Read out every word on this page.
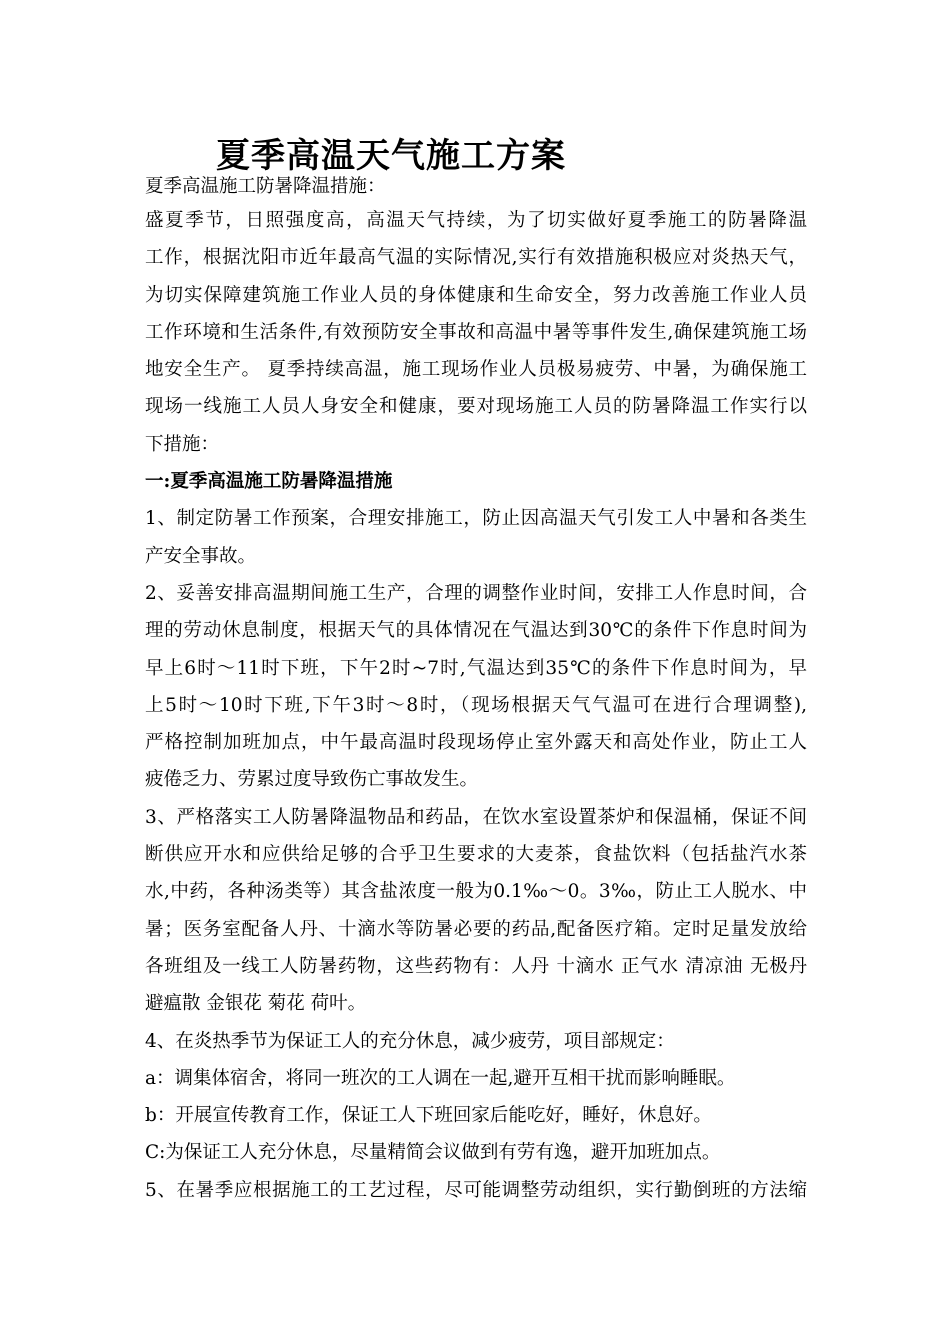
夏季高温天气施工方案
夏季高温施工防暑降温措施：
盛夏季节，日照强度高，高温天气持续，为了切实做好夏季施工的防暑降温
工作，根据沈阳市近年最高气温的实际情况,实行有效措施积极应对炎热天气，
为切实保障建筑施工作业人员的身体健康和生命安全，努力改善施工作业人员
工作环境和生活条件,有效预防安全事故和高温中暑等事件发生,确保建筑施工场
地安全生产。 夏季持续高温，施工现场作业人员极易疲劳、中暑，为确保施工
现场一线施工人员人身安全和健康，要对现场施工人员的防暑降温工作实行以
下措施：
一:夏季高温施工防暑降温措施
1、制定防暑工作预案，合理安排施工，防止因高温天气引发工人中暑和各类生
产安全事故。
2、妥善安排高温期间施工生产，合理的调整作业时间，安排工人作息时间，合
理的劳动休息制度，根据天气的具体情况在气温达到30℃的条件下作息时间为
早上6时～11时下班，下午2时~7时,气温达到35℃的条件下作息时间为，早
上5时～10时下班,下午3时～8时，（现场根据天气气温可在进行合理调整),
严格控制加班加点，中午最高温时段现场停止室外露天和高处作业，防止工人
疲倦乏力、劳累过度导致伤亡事故发生。
3、严格落实工人防暑降温物品和药品，在饮水室设置茶炉和保温桶，保证不间
断供应开水和应供给足够的合乎卫生要求的大麦茶，食盐饮料（包括盐汽水茶
水,中药，各种汤类等）其含盐浓度一般为0.1‰～0。3‰，防止工人脱水、中
暑；医务室配备人丹、十滴水等防暑必要的药品,配备医疗箱。定时足量发放给
各班组及一线工人防暑药物，这些药物有：人丹 十滴水 正气水 清凉油 无极丹
避瘟散 金银花 菊花 荷叶。
4、在炎热季节为保证工人的充分休息，减少疲劳，项目部规定：
a：调集体宿舍，将同一班次的工人调在一起,避开互相干扰而影响睡眠。
b：开展宣传教育工作，保证工人下班回家后能吃好，睡好，休息好。
C:为保证工人充分休息，尽量精简会议做到有劳有逸，避开加班加点。
5、在暑季应根据施工的工艺过程，尽可能调整劳动组织，实行勤倒班的方法缩
